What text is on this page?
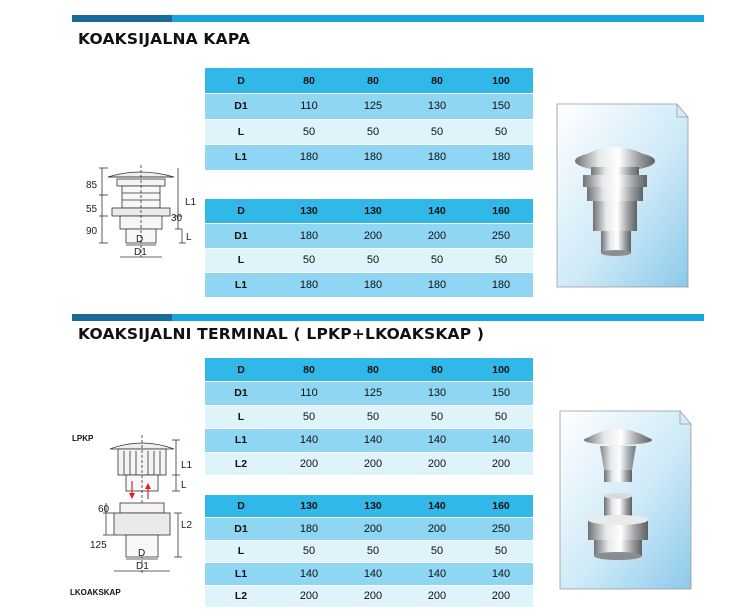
KOAKSIJALNA KAPA
D	80	80	80	100
D1	110	125	130	150
L	50	50	50	50
L1	180	180	180	180
D	130	130	140	160
D1	180	200	200	250
L	50	50	50	50
L1	180	180	180	180
85
55
90
30
L1
L
D
D1
KOAKSIJALNI TERMINAL ( LPKP+LKOAKSKAP )
D	80	80	80	100
D1	110	125	130	150
L	50	50	50	50
L1	140	140	140	140
L2	200	200	200	200
D	130	130	140	160
D1	180	200	200	250
L	50	50	50	50
L1	140	140	140	140
L2	200	200	200	200
LPKP
LKOAKSKAP
L1
L
60
L2
125
D
D1
